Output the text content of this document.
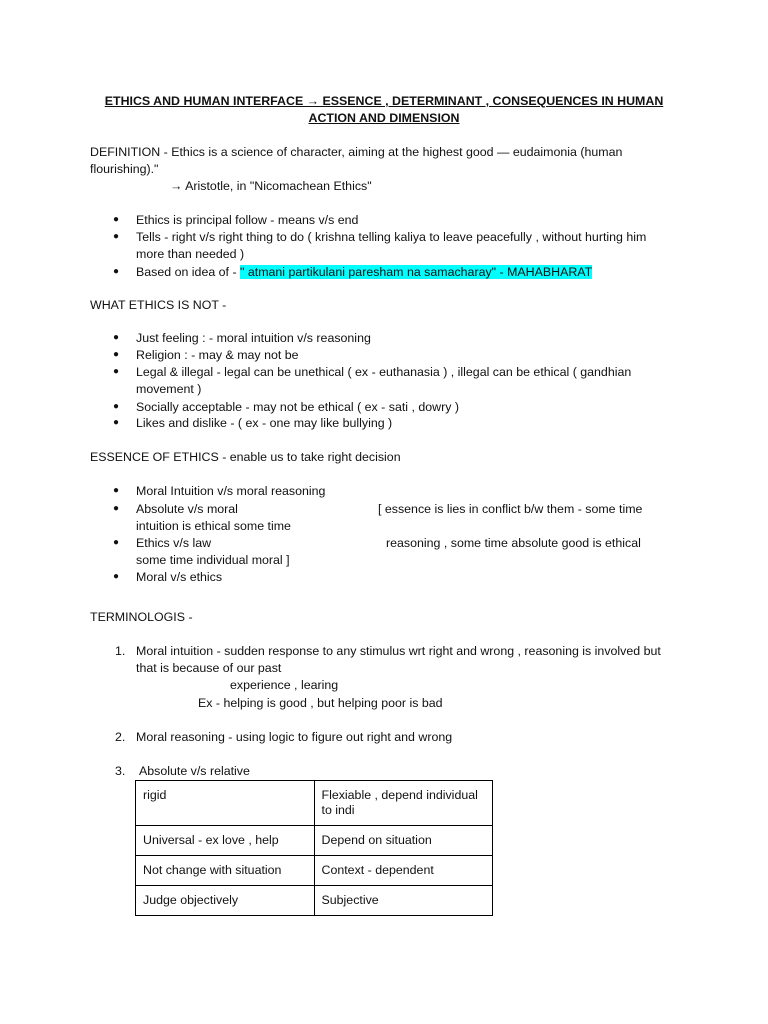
ETHICS AND HUMAN INTERFACE → ESSENCE , DETERMINANT , CONSEQUENCES IN HUMAN
ACTION AND DIMENSION
DEFINITION - Ethics is a science of character, aiming at the highest good — eudaimonia (human
flourishing)."
→ Aristotle, in "Nicomachean Ethics"
● Ethics is principal follow - means v/s end
● Tells - right v/s right thing to do ( krishna telling kaliya to leave peacefully , without hurting him
more than needed )
● Based on idea of - " atmani partikulani paresham na samacharay" - MAHABHARAT
WHAT ETHICS IS NOT -
● Just feeling : - moral intuition v/s reasoning
● Religion : - may & may not be
● Legal & illegal - legal can be unethical ( ex - euthanasia ) , illegal can be ethical ( gandhian
movement )
● Socially acceptable - may not be ethical ( ex - sati , dowry )
● Likes and dislike - ( ex - one may like bullying )
ESSENCE OF ETHICS - enable us to take right decision
● Moral Intuition v/s moral reasoning
● Absolute v/s moral	[ essence is lies in conflict b/w them - some time
intuition is ethical some time
● Ethics v/s law	reasoning , some time absolute good is ethical
some time individual moral ]
● Moral v/s ethics
TERMINOLOGIS -
1. Moral intuition - sudden response to any stimulus wrt right and wrong , reasoning is involved but
that is because of our past
experience , learing
Ex - helping is good , but helping poor is bad
2. Moral reasoning - using logic to figure out right and wrong
3. Absolute v/s relative
rigid	Flexiable , depend individual to indi
Universal - ex love , help	Depend on situation
Not change with situation	Context - dependent
Judge objectively	Subjective
